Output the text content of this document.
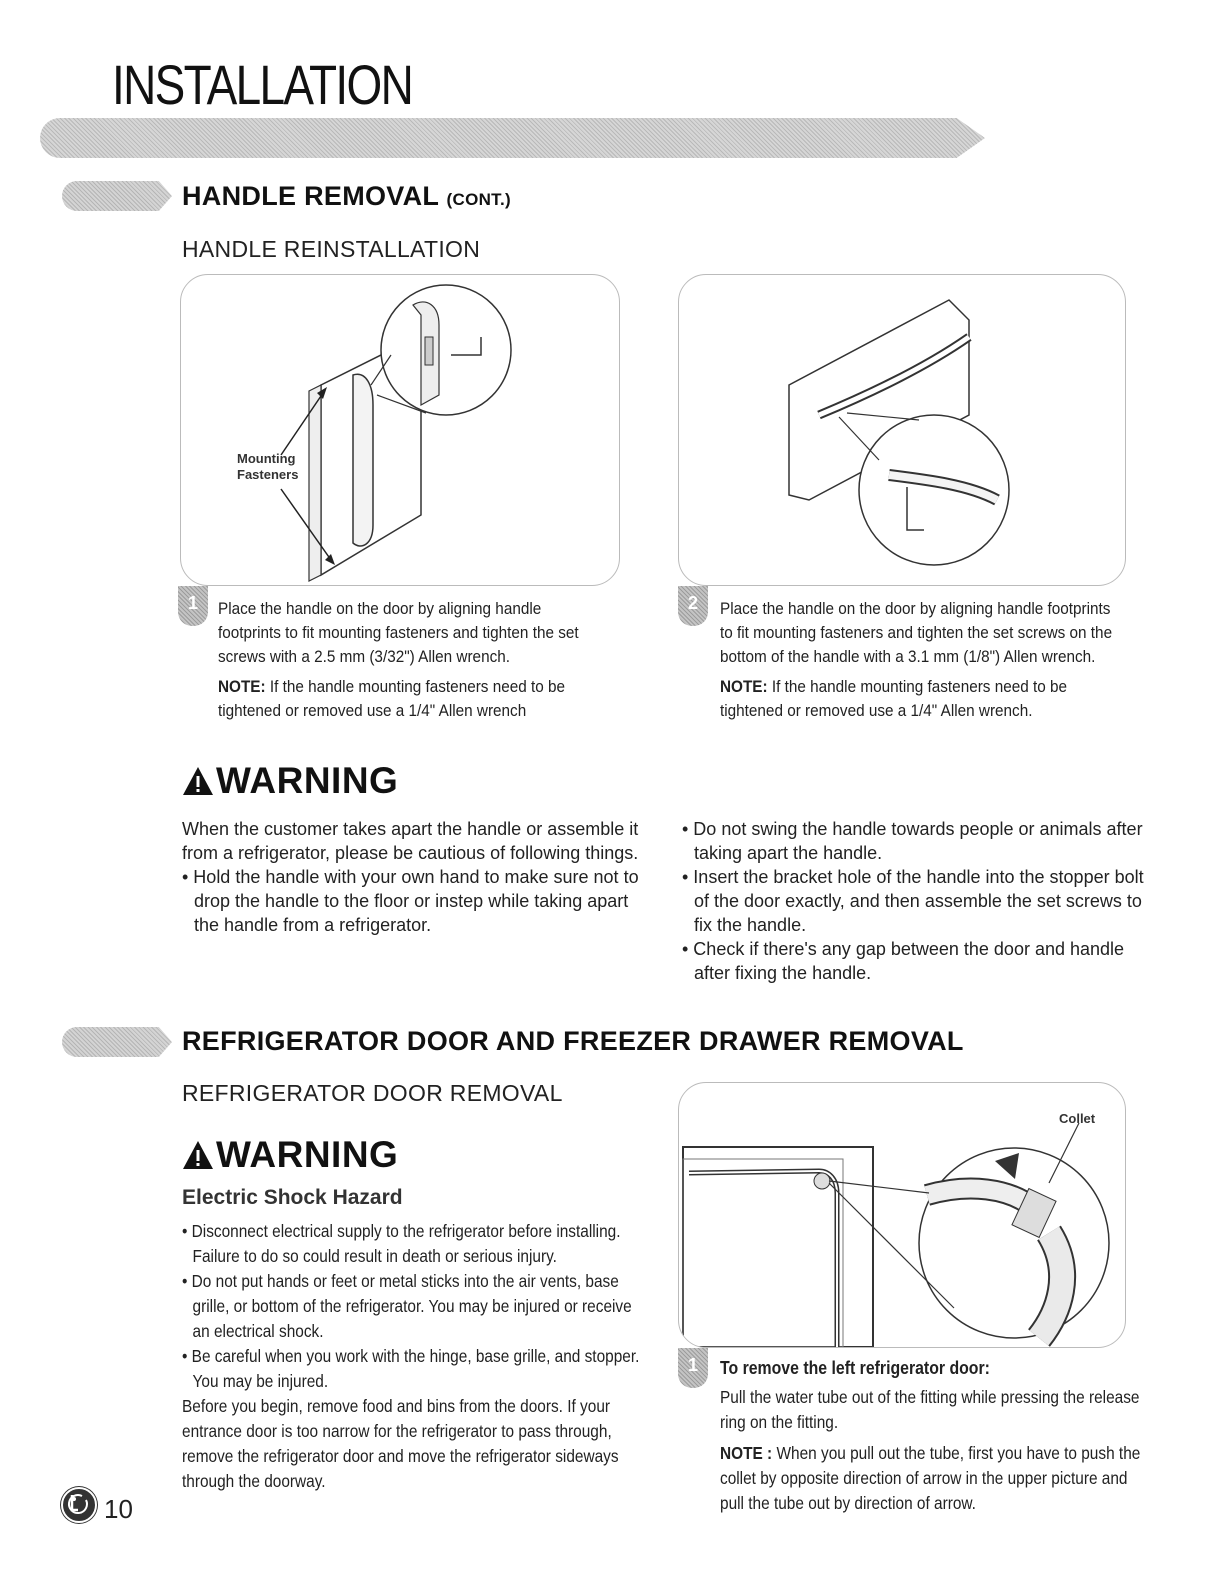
INSTALLATION
HANDLE REMOVAL (CONT.)
HANDLE REINSTALLATION
Mounting
Fasteners
1	Place the handle on the door by aligning handle footprints to fit mounting fasteners and tighten the set screws with a 2.5 mm (3/32") Allen wrench.

NOTE: If the handle mounting fasteners need to be tightened or removed use a 1/4" Allen wrench

2	Place the handle on the door by aligning handle footprints to fit mounting fasteners and tighten the set screws on the bottom of the handle with a 3.1 mm (1/8") Allen wrench.

NOTE: If the handle mounting fasteners need to be tightened or removed use a 1/4" Allen wrench.

WARNING
When the customer takes apart the handle or assemble it from a refrigerator, please be cautious of following things.
• Hold the handle with your own hand to make sure not to drop the handle to the floor or instep while taking apart the handle from a refrigerator.
• Do not swing the handle towards people or animals after taking apart the handle.
• Insert the bracket hole of the handle into the stopper bolt of the door exactly, and then assemble the set screws to fix the handle.
• Check if there's any gap between the door and handle after fixing the handle.
REFRIGERATOR DOOR AND FREEZER DRAWER REMOVAL
REFRIGERATOR DOOR REMOVAL
WARNING
Electric Shock Hazard

• Disconnect electrical supply to the refrigerator before installing. Failure to do so could result in death or serious injury.

• Do not put hands or feet or metal sticks into the air vents, base grille, or bottom of the refrigerator. You may be injured or receive an electrical shock.

• Be careful when you work with the hinge, base grille, and stopper. You may be injured.

Before you begin, remove food and bins from the doors. If your entrance door is too narrow for the refrigerator to pass through, remove the refrigerator door and move the refrigerator sideways through the doorway.

Collet
1	To remove the left refrigerator door:

Pull the water tube out of the fitting while pressing the release ring on the fitting.

NOTE : When you pull out the tube, first you have to push the collet by opposite direction of arrow in the upper picture and pull the tube out by direction of arrow.

10
